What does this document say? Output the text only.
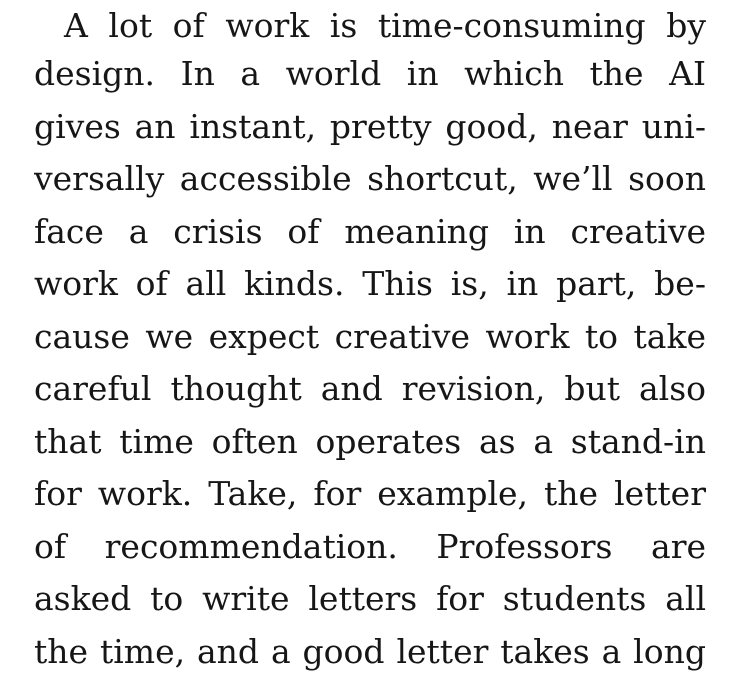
A lot of work is time-consuming by
design. In a world in which the AI
gives an instant, pretty good, near uni-
versally accessible shortcut, we’ll soon
face a crisis of meaning in creative
work of all kinds. This is, in part, be-
cause we expect creative work to take
careful thought and revision, but also
that time often operates as a stand-in
for work. Take, for example, the letter
of recommendation. Professors are
asked to write letters for students all
the time, and a good letter takes a long
